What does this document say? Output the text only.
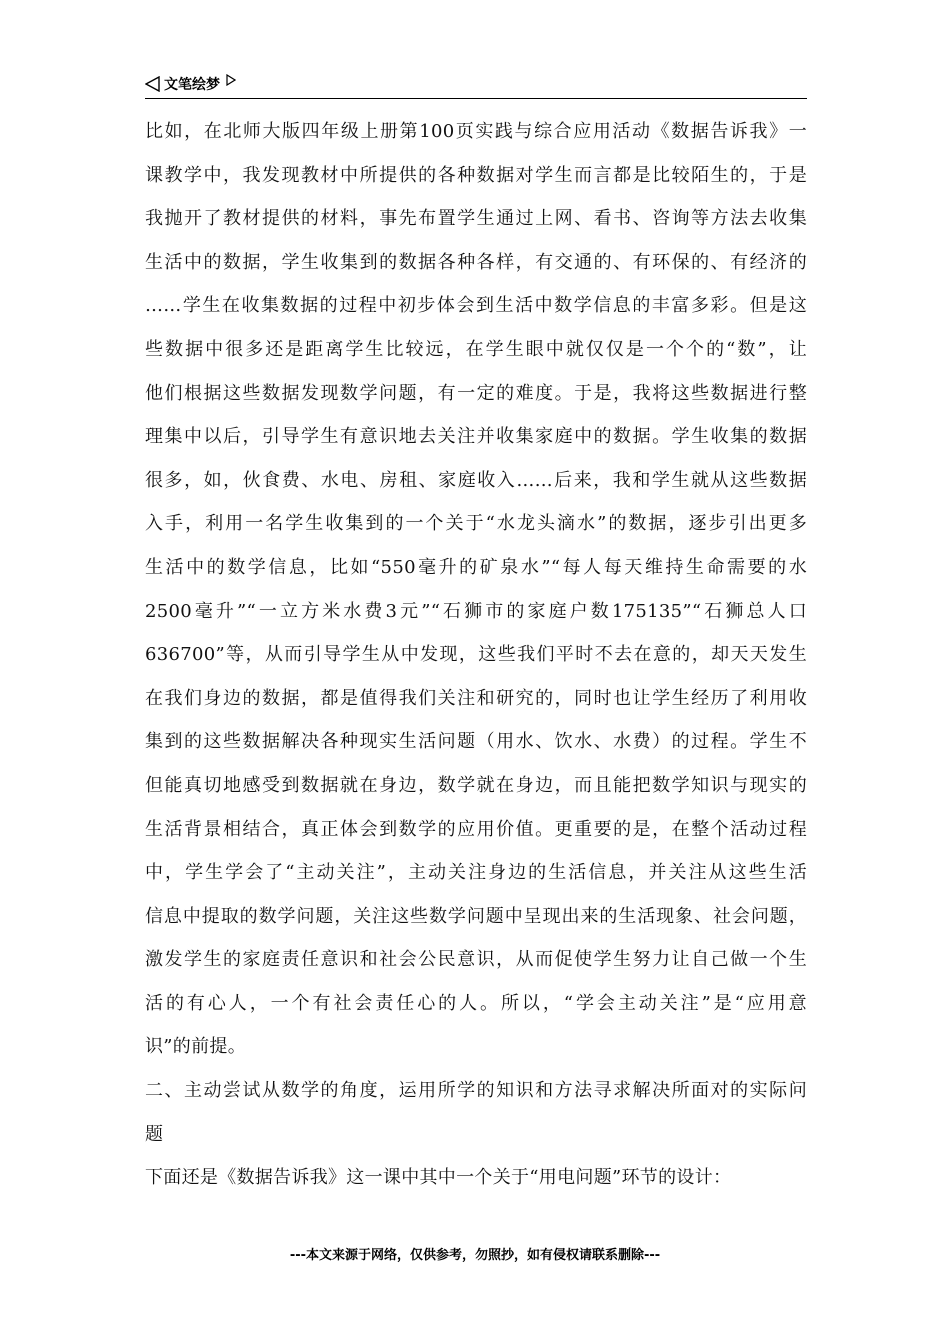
文笔绘梦
比如，在北师大版四年级上册第100页实践与综合应用活动《数据告诉我》一
课教学中，我发现教材中所提供的各种数据对学生而言都是比较陌生的，于是
我抛开了教材提供的材料，事先布置学生通过上网、看书、咨询等方法去收集
生活中的数据，学生收集到的数据各种各样，有交通的、有环保的、有经济的
……学生在收集数据的过程中初步体会到生活中数学信息的丰富多彩。但是这
些数据中很多还是距离学生比较远，在学生眼中就仅仅是一个个的“数”，让
他们根据这些数据发现数学问题，有一定的难度。于是，我将这些数据进行整
理集中以后，引导学生有意识地去关注并收集家庭中的数据。学生收集的数据
很多，如，伙食费、水电、房租、家庭收入……后来，我和学生就从这些数据
入手，利用一名学生收集到的一个关于“水龙头滴水”的数据，逐步引出更多
生活中的数学信息，比如“550毫升的矿泉水”“每人每天维持生命需要的水
2500毫升”“一立方米水费3元”“石狮市的家庭户数175135”“石狮总人口
636700”等，从而引导学生从中发现，这些我们平时不去在意的，却天天发生
在我们身边的数据，都是值得我们关注和研究的，同时也让学生经历了利用收
集到的这些数据解决各种现实生活问题（用水、饮水、水费）的过程。学生不
但能真切地感受到数据就在身边，数学就在身边，而且能把数学知识与现实的
生活背景相结合，真正体会到数学的应用价值。更重要的是，在整个活动过程
中，学生学会了“主动关注”，主动关注身边的生活信息，并关注从这些生活
信息中提取的数学问题，关注这些数学问题中呈现出来的生活现象、社会问题，
激发学生的家庭责任意识和社会公民意识，从而促使学生努力让自己做一个生
活的有心人，一个有社会责任心的人。所以，“学会主动关注”是“应用意
识”的前提。
二、主动尝试从数学的角度，运用所学的知识和方法寻求解决所面对的实际问
题
下面还是《数据告诉我》这一课中其中一个关于“用电问题”环节的设计：
---本文来源于网络，仅供参考，勿照抄，如有侵权请联系删除---
